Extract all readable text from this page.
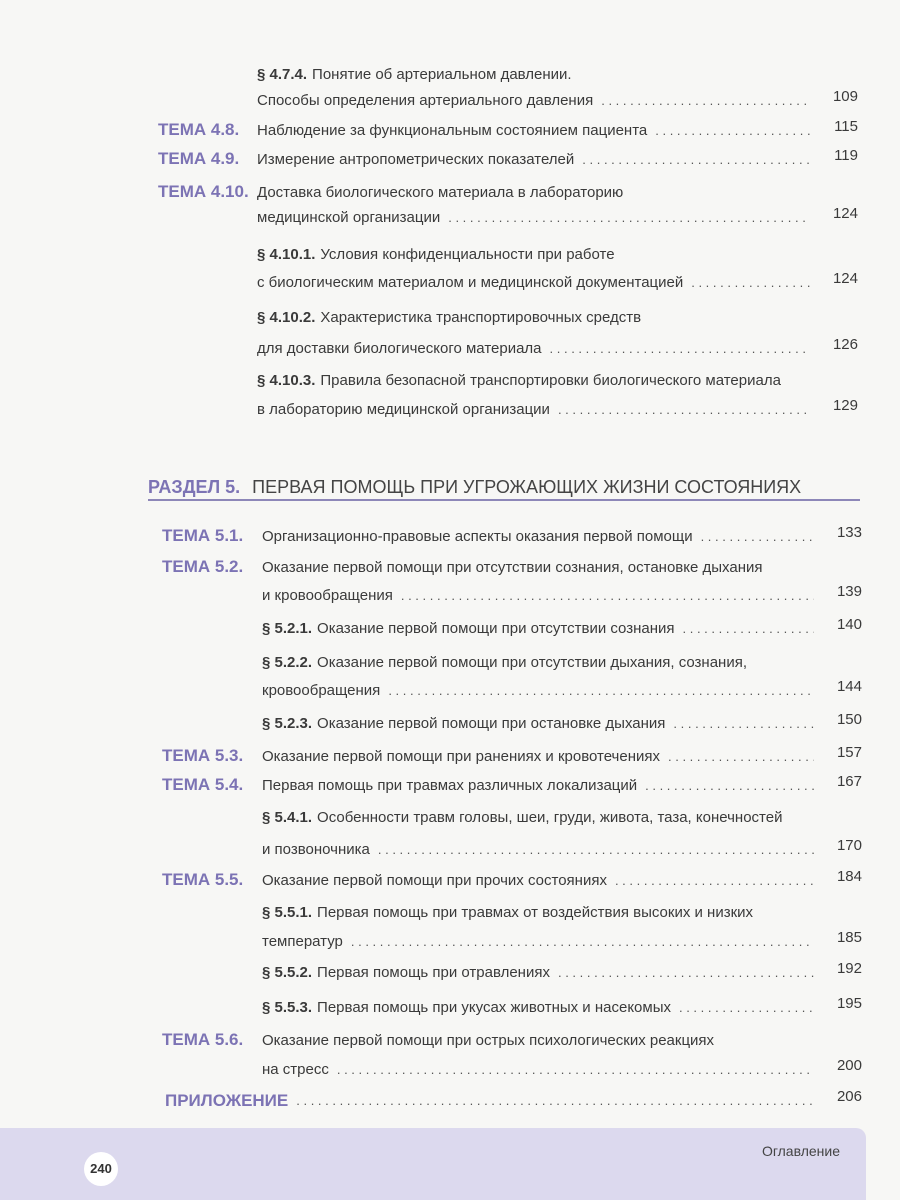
§ 4.7.4. Понятие об артериальном давлении.
Способы определения артериального давления . . .	109
ТЕМА 4.8. Наблюдение за функциональным состоянием пациента . . .	115
ТЕМА 4.9. Измерение антропометрических показателей . . .	119
ТЕМА 4.10. Доставка биологического материала в лабораторию
медицинской организации . . .	124
§ 4.10.1. Условия конфиденциальности при работе
с биологическим материалом и медицинской документацией . . .	124
§ 4.10.2. Характеристика транспортировочных средств
для доставки биологического материала . . .	126
§ 4.10.3. Правила безопасной транспортировки биологического материала
в лабораторию медицинской организации . . .	129
ТЕМА 5.1. Организационно-правовые аспекты оказания первой помощи . . .	133
ТЕМА 5.2. Оказание первой помощи при отсутствии сознания, остановке дыхания
и кровообращения . . .	139
§ 5.2.1. Оказание первой помощи при отсутствии сознания . . .	140
§ 5.2.2. Оказание первой помощи при отсутствии дыхания, сознания,
кровообращения . . .	144
§ 5.2.3. Оказание первой помощи при остановке дыхания . . .	150
ТЕМА 5.3. Оказание первой помощи при ранениях и кровотечениях . . .	157
ТЕМА 5.4. Первая помощь при травмах различных локализаций . . .	167
§ 5.4.1. Особенности травм головы, шеи, груди, живота, таза, конечностей
и позвоночника . . .	170
ТЕМА 5.5. Оказание первой помощи при прочих состояниях . . .	184
§ 5.5.1. Первая помощь при травмах от воздействия высоких и низких
температур . . .	185
§ 5.5.2. Первая помощь при отравлениях . . .	192
§ 5.5.3. Первая помощь при укусах животных и насекомых . . .	195
ТЕМА 5.6. Оказание первой помощи при острых психологических реакциях
на стресс . . .	200
ПРИЛОЖЕНИЕ . . .	206
РАЗДЕЛ 5. ПЕРВАЯ ПОМОЩЬ ПРИ УГРОЖАЮЩИХ ЖИЗНИ СОСТОЯНИЯХ
240
Оглавление
